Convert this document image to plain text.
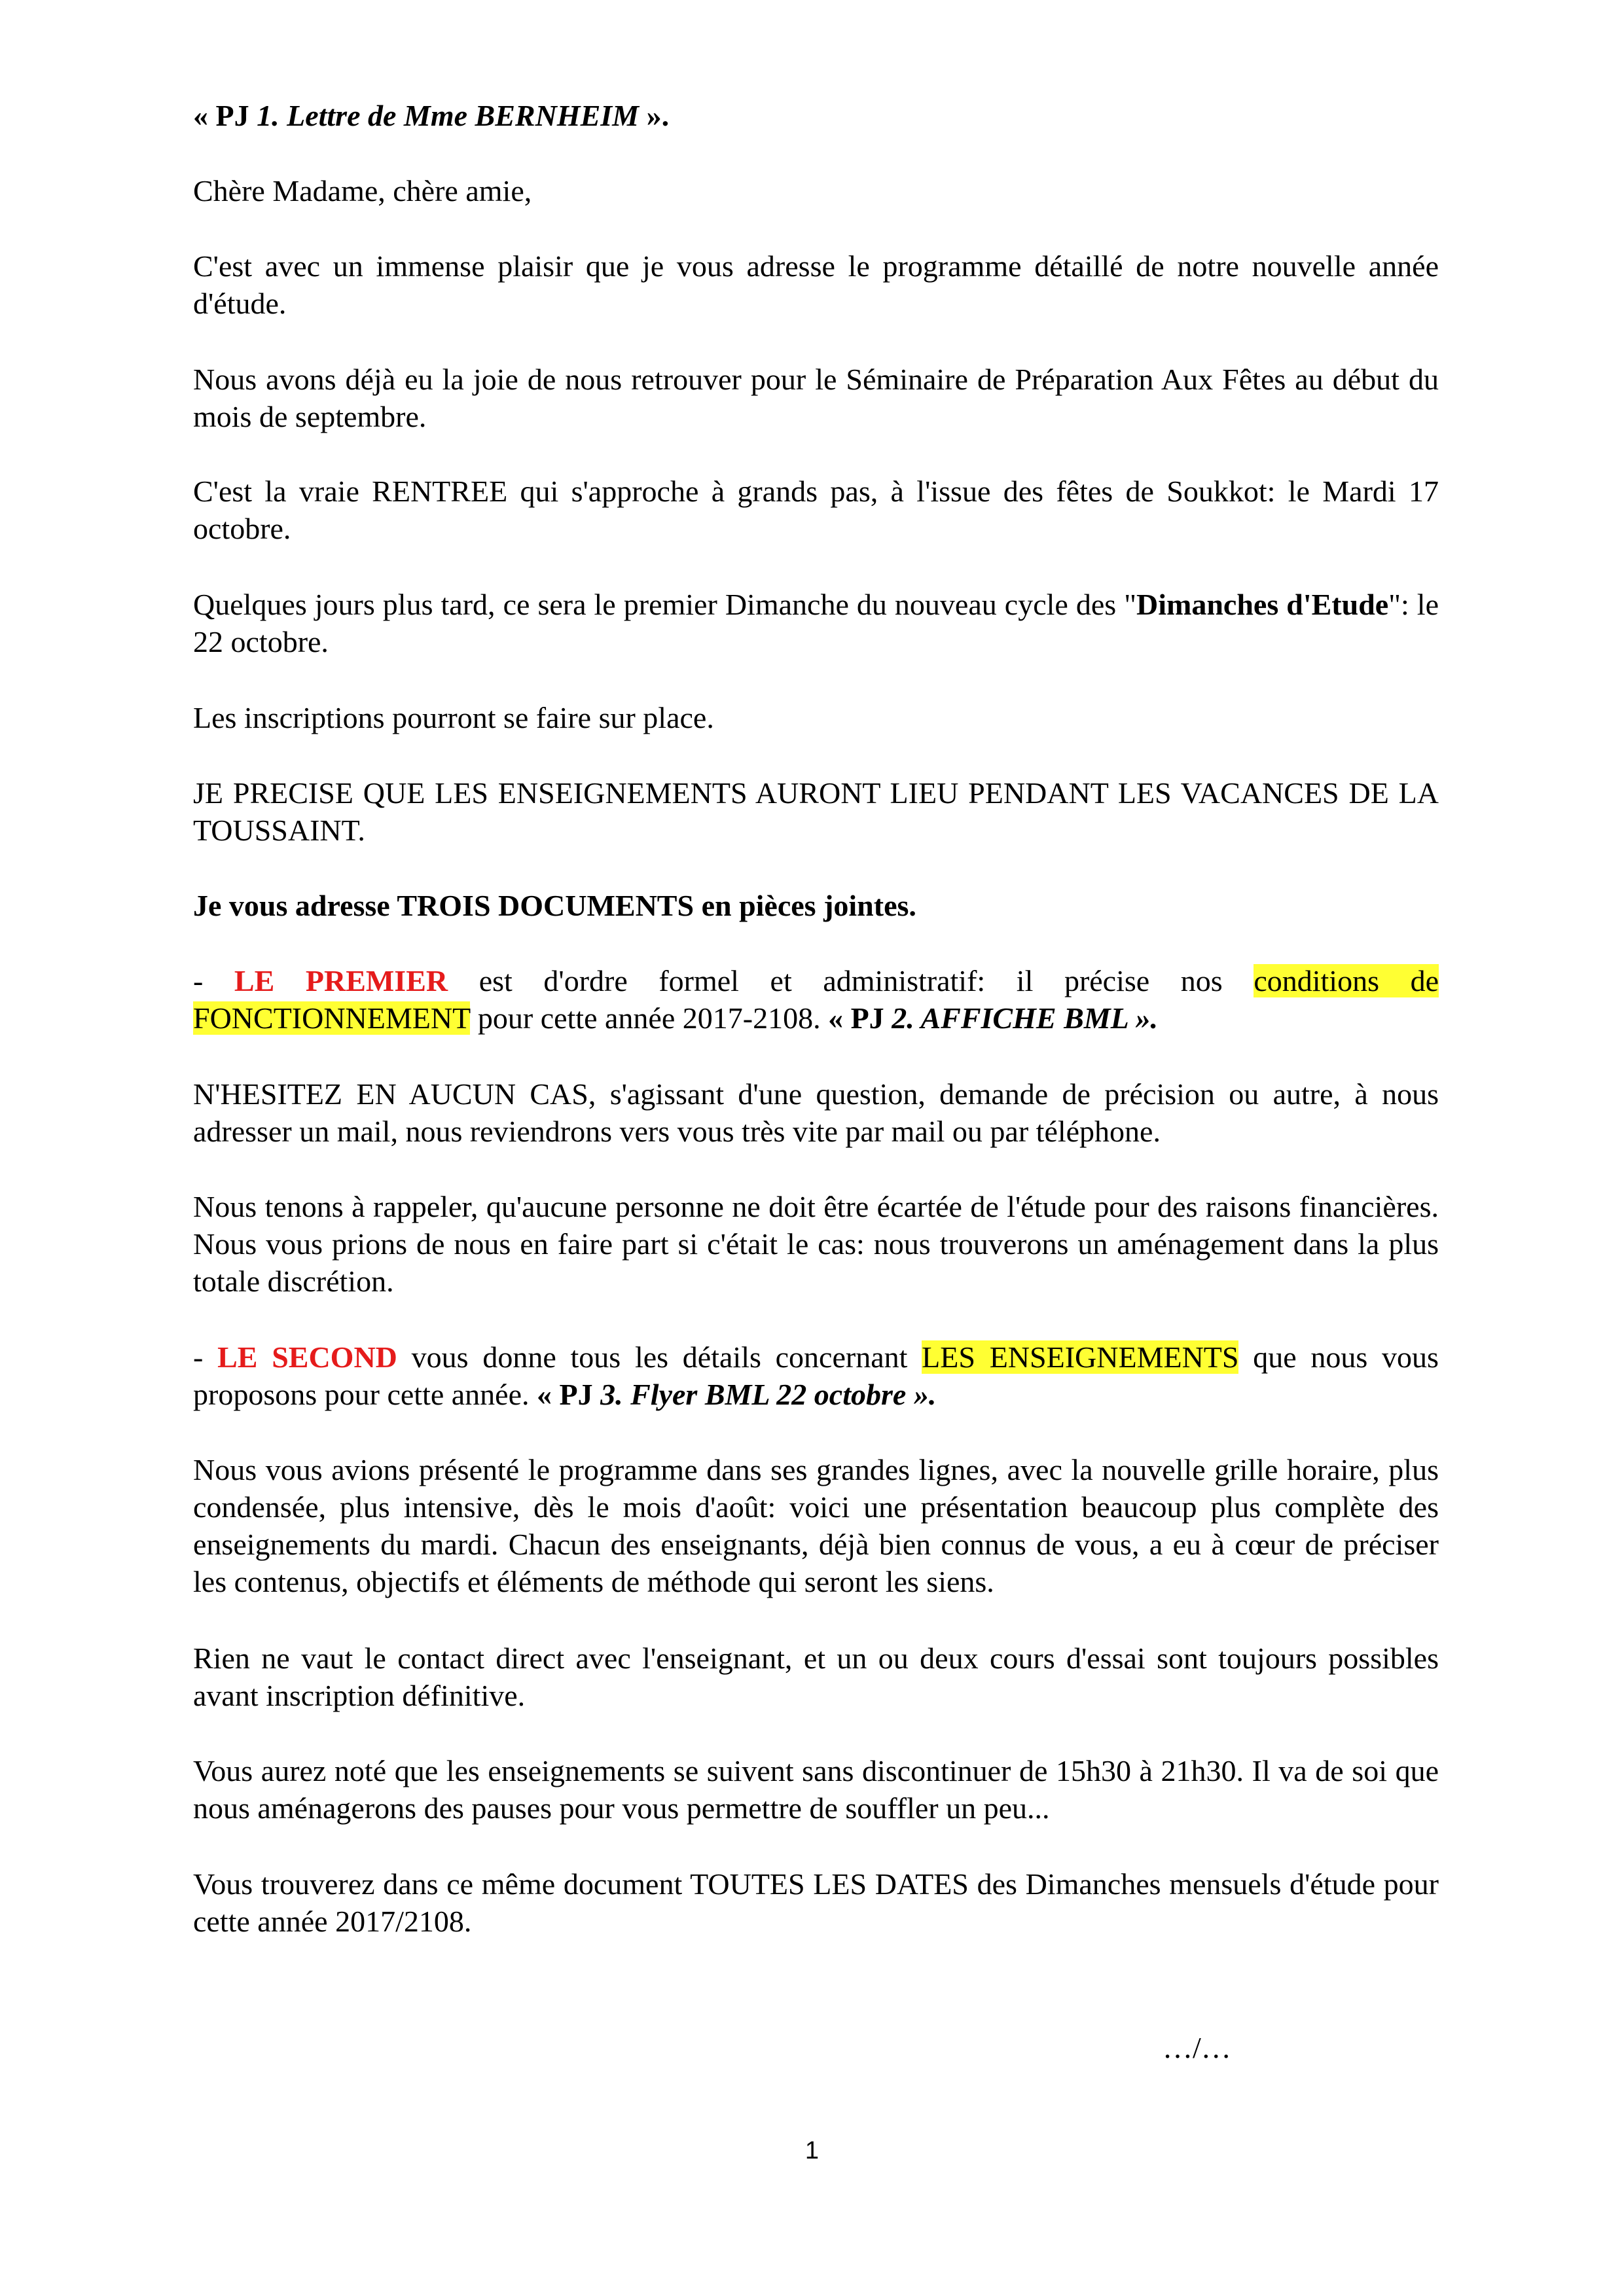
« PJ 1. Lettre de Mme BERNHEIM ».

Chère Madame, chère amie,

C'est avec un immense plaisir que je vous adresse le programme détaillé de notre nouvelle année d'étude.

Nous avons déjà eu la joie de nous retrouver pour le Séminaire de Préparation Aux Fêtes au début du mois de septembre.

C'est la vraie RENTREE qui s'approche à grands pas, à l'issue des fêtes de Soukkot: le Mardi 17 octobre.

Quelques jours plus tard, ce sera le premier Dimanche du nouveau cycle des "Dimanches d'Etude": le 22 octobre.

Les inscriptions pourront se faire sur place.

JE PRECISE QUE LES ENSEIGNEMENTS AURONT LIEU PENDANT LES VACANCES DE LA TOUSSAINT.

Je vous adresse TROIS DOCUMENTS en pièces jointes.

- LE PREMIER est d'ordre formel et administratif: il précise nos conditions de FONCTIONNEMENT pour cette année 2017-2108. « PJ 2. AFFICHE BML ».

N'HESITEZ EN AUCUN CAS, s'agissant d'une question, demande de précision ou autre, à nous adresser un mail, nous reviendrons vers vous très vite par mail ou par téléphone.

Nous tenons à rappeler, qu'aucune personne ne doit être écartée de l'étude pour des raisons financières. Nous vous prions de nous en faire part si c'était le cas: nous trouverons un aménagement dans la plus totale discrétion.

- LE SECOND vous donne tous les détails concernant LES ENSEIGNEMENTS que nous vous proposons pour cette année. « PJ 3. Flyer BML 22 octobre ».

Nous vous avions présenté le programme dans ses grandes lignes, avec la nouvelle grille horaire, plus condensée, plus intensive, dès le mois d'août: voici une présentation beaucoup plus complète des enseignements du mardi. Chacun des enseignants, déjà bien connus de vous, a eu à cœur de préciser les contenus, objectifs et éléments de méthode qui seront les siens.

Rien ne vaut le contact direct avec l'enseignant, et un ou deux cours d'essai sont toujours possibles avant inscription définitive.

Vous aurez noté que les enseignements se suivent sans discontinuer de 15h30 à 21h30. Il va de soi que nous aménagerons des pauses pour vous permettre de souffler un peu...

Vous trouverez dans ce même document TOUTES LES DATES des Dimanches mensuels d'étude pour cette année 2017/2108.

…/…
1
